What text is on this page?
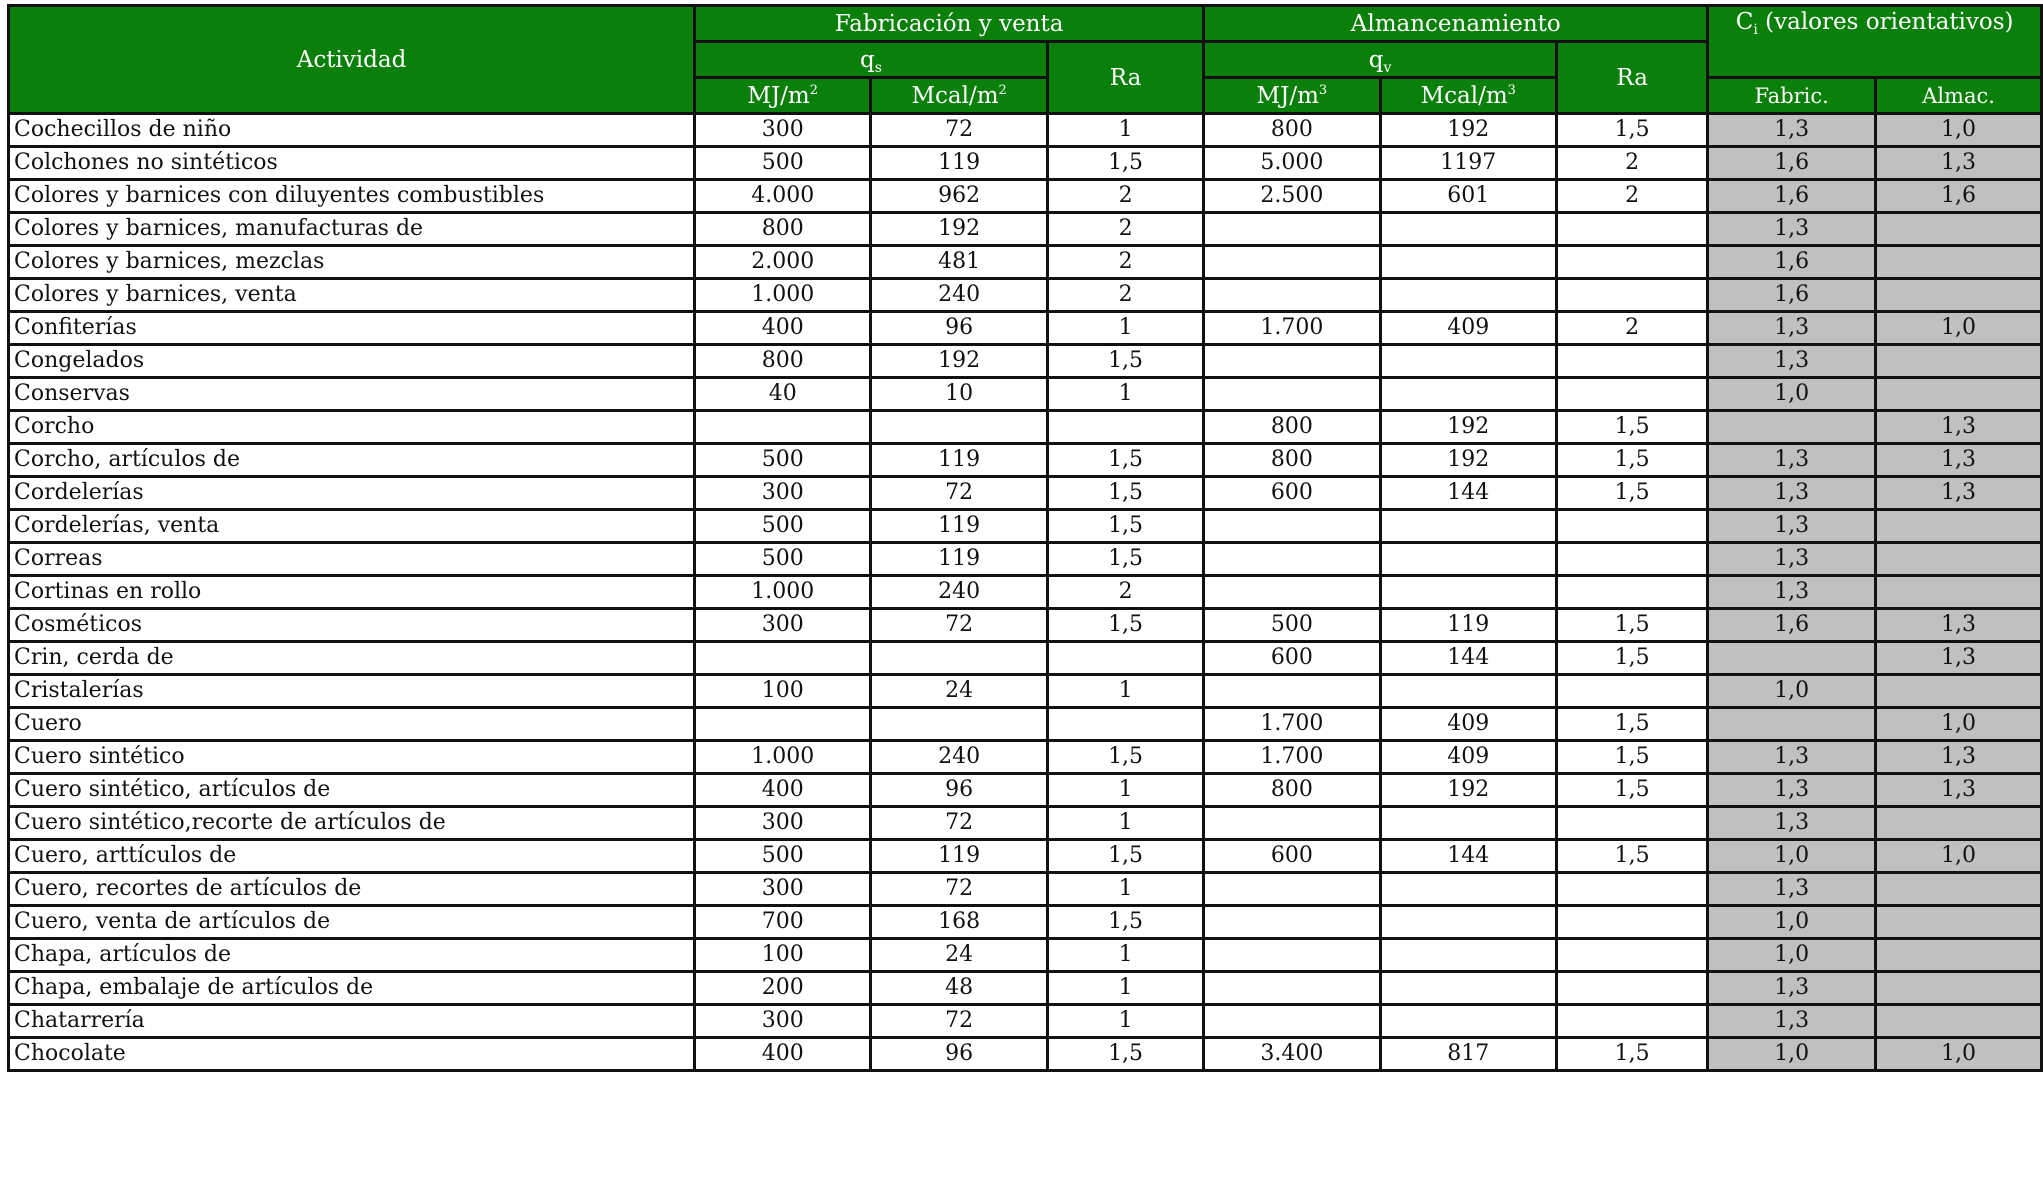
Actividad	Fabricación y venta			Almancenamiento			$C_i$ (valores orientativos)	
	$q_s$		Ra	$q_v$		Ra		
	$MJ/m^2$	Mcal/$m^2$		$MJ/m^3$	Mcal/$m^3$		Fabric.	Almac.
Cochecillos de niño	300	72	1	800	192	1,5	1,3	1,0
Colchones no sintéticos	500	119	1,5	5.000	1197	2	1,6	1,3
Colores y barnices con diluyentes combustibles	4.000	962	2	2.500	601	2	1,6	1,6
Colores y barnices, manufacturas de	800	192	2				1,3	
Colores y barnices, mezclas	2.000	481	2				1,6	
Colores y barnices, venta	1.000	240	2				1,6	
Confiterías	400	96	1	1.700	409	2	1,3	1,0
Congelados	800	192	1,5				1,3	
Conservas	40	10	1				1,0	
Corcho				800	192	1,5		1,3
Corcho, artículos de	500	119	1,5	800	192	1,5	1,3	1,3
Cordelerías	300	72	1,5	600	144	1,5	1,3	1,3
Cordelerías, venta	500	119	1,5				1,3	
Correas	500	119	1,5				1,3	
Cortinas en rollo	1.000	240	2				1,3	
Cosméticos	300	72	1,5	500	119	1,5	1,6	1,3
Crin, cerda de				600	144	1,5		1,3
Cristalerías	100	24	1				1,0	
Cuero				1.700	409	1,5		1,0
Cuero sintético	1.000	240	1,5	1.700	409	1,5	1,3	1,3
Cuero sintético, artículos de	400	96	1	800	192	1,5	1,3	1,3
Cuero sintético,recorte de artículos de	300	72	1				1,3	
Cuero, arttículos de	500	119	1,5	600	144	1,5	1,0	1,0
Cuero, recortes de artículos de	300	72	1				1,3	
Cuero, venta de artículos de	700	168	1,5				1,0	
Chapa, artículos de	100	24	1				1,0	
Chapa, embalaje de artículos de	200	48	1				1,3	
Chatarrería	300	72	1				1,3	
Chocolate	400	96	1,5	3.400	817	1,5	1,0	1,0
